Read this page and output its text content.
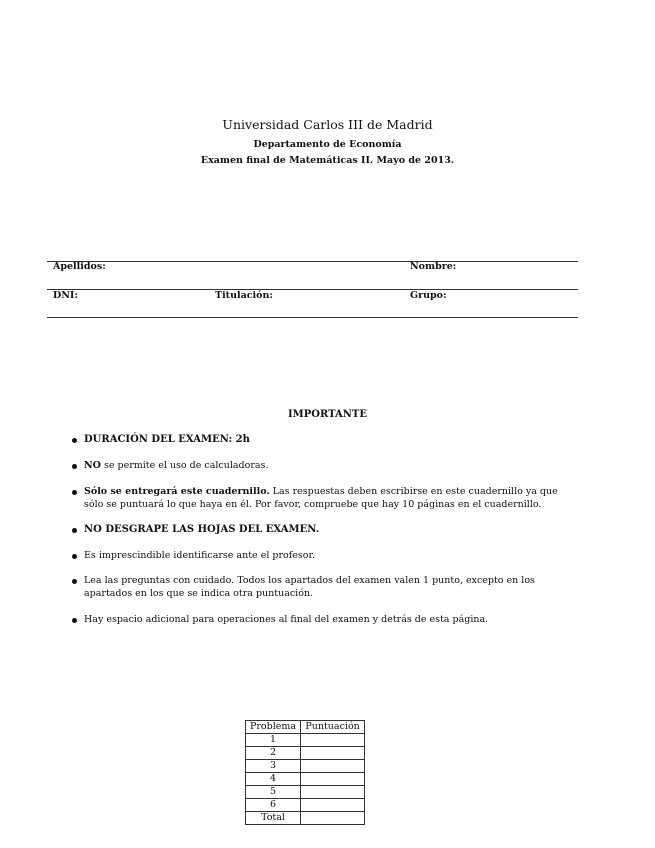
Universidad Carlos III de Madrid
Departamento de Economía
Examen final de Matemáticas II. Mayo de 2013.
Apellidos:	Nombre:
DNI:	Titulación:	Grupo:
IMPORTANTE
DURACIÓN DEL EXAMEN: 2h
NO se permite el uso de calculadoras.
Sólo se entregará este cuadernillo. Las respuestas deben escribirse en este cuadernillo ya que sólo se puntuará lo que haya en él. Por favor, compruebe que hay 10 páginas en el cuadernillo.
NO DESGRAPE LAS HOJAS DEL EXAMEN.
Es imprescindible identificarse ante el profesor.
Lea las preguntas con cuidado. Todos los apartados del examen valen 1 punto, excepto en los apartados en los que se indica otra puntuación.
Hay espacio adicional para operaciones al final del examen y detrás de esta página.
Problema	Puntuación
1	
2	
3	
4	
5	
6	
Total	
